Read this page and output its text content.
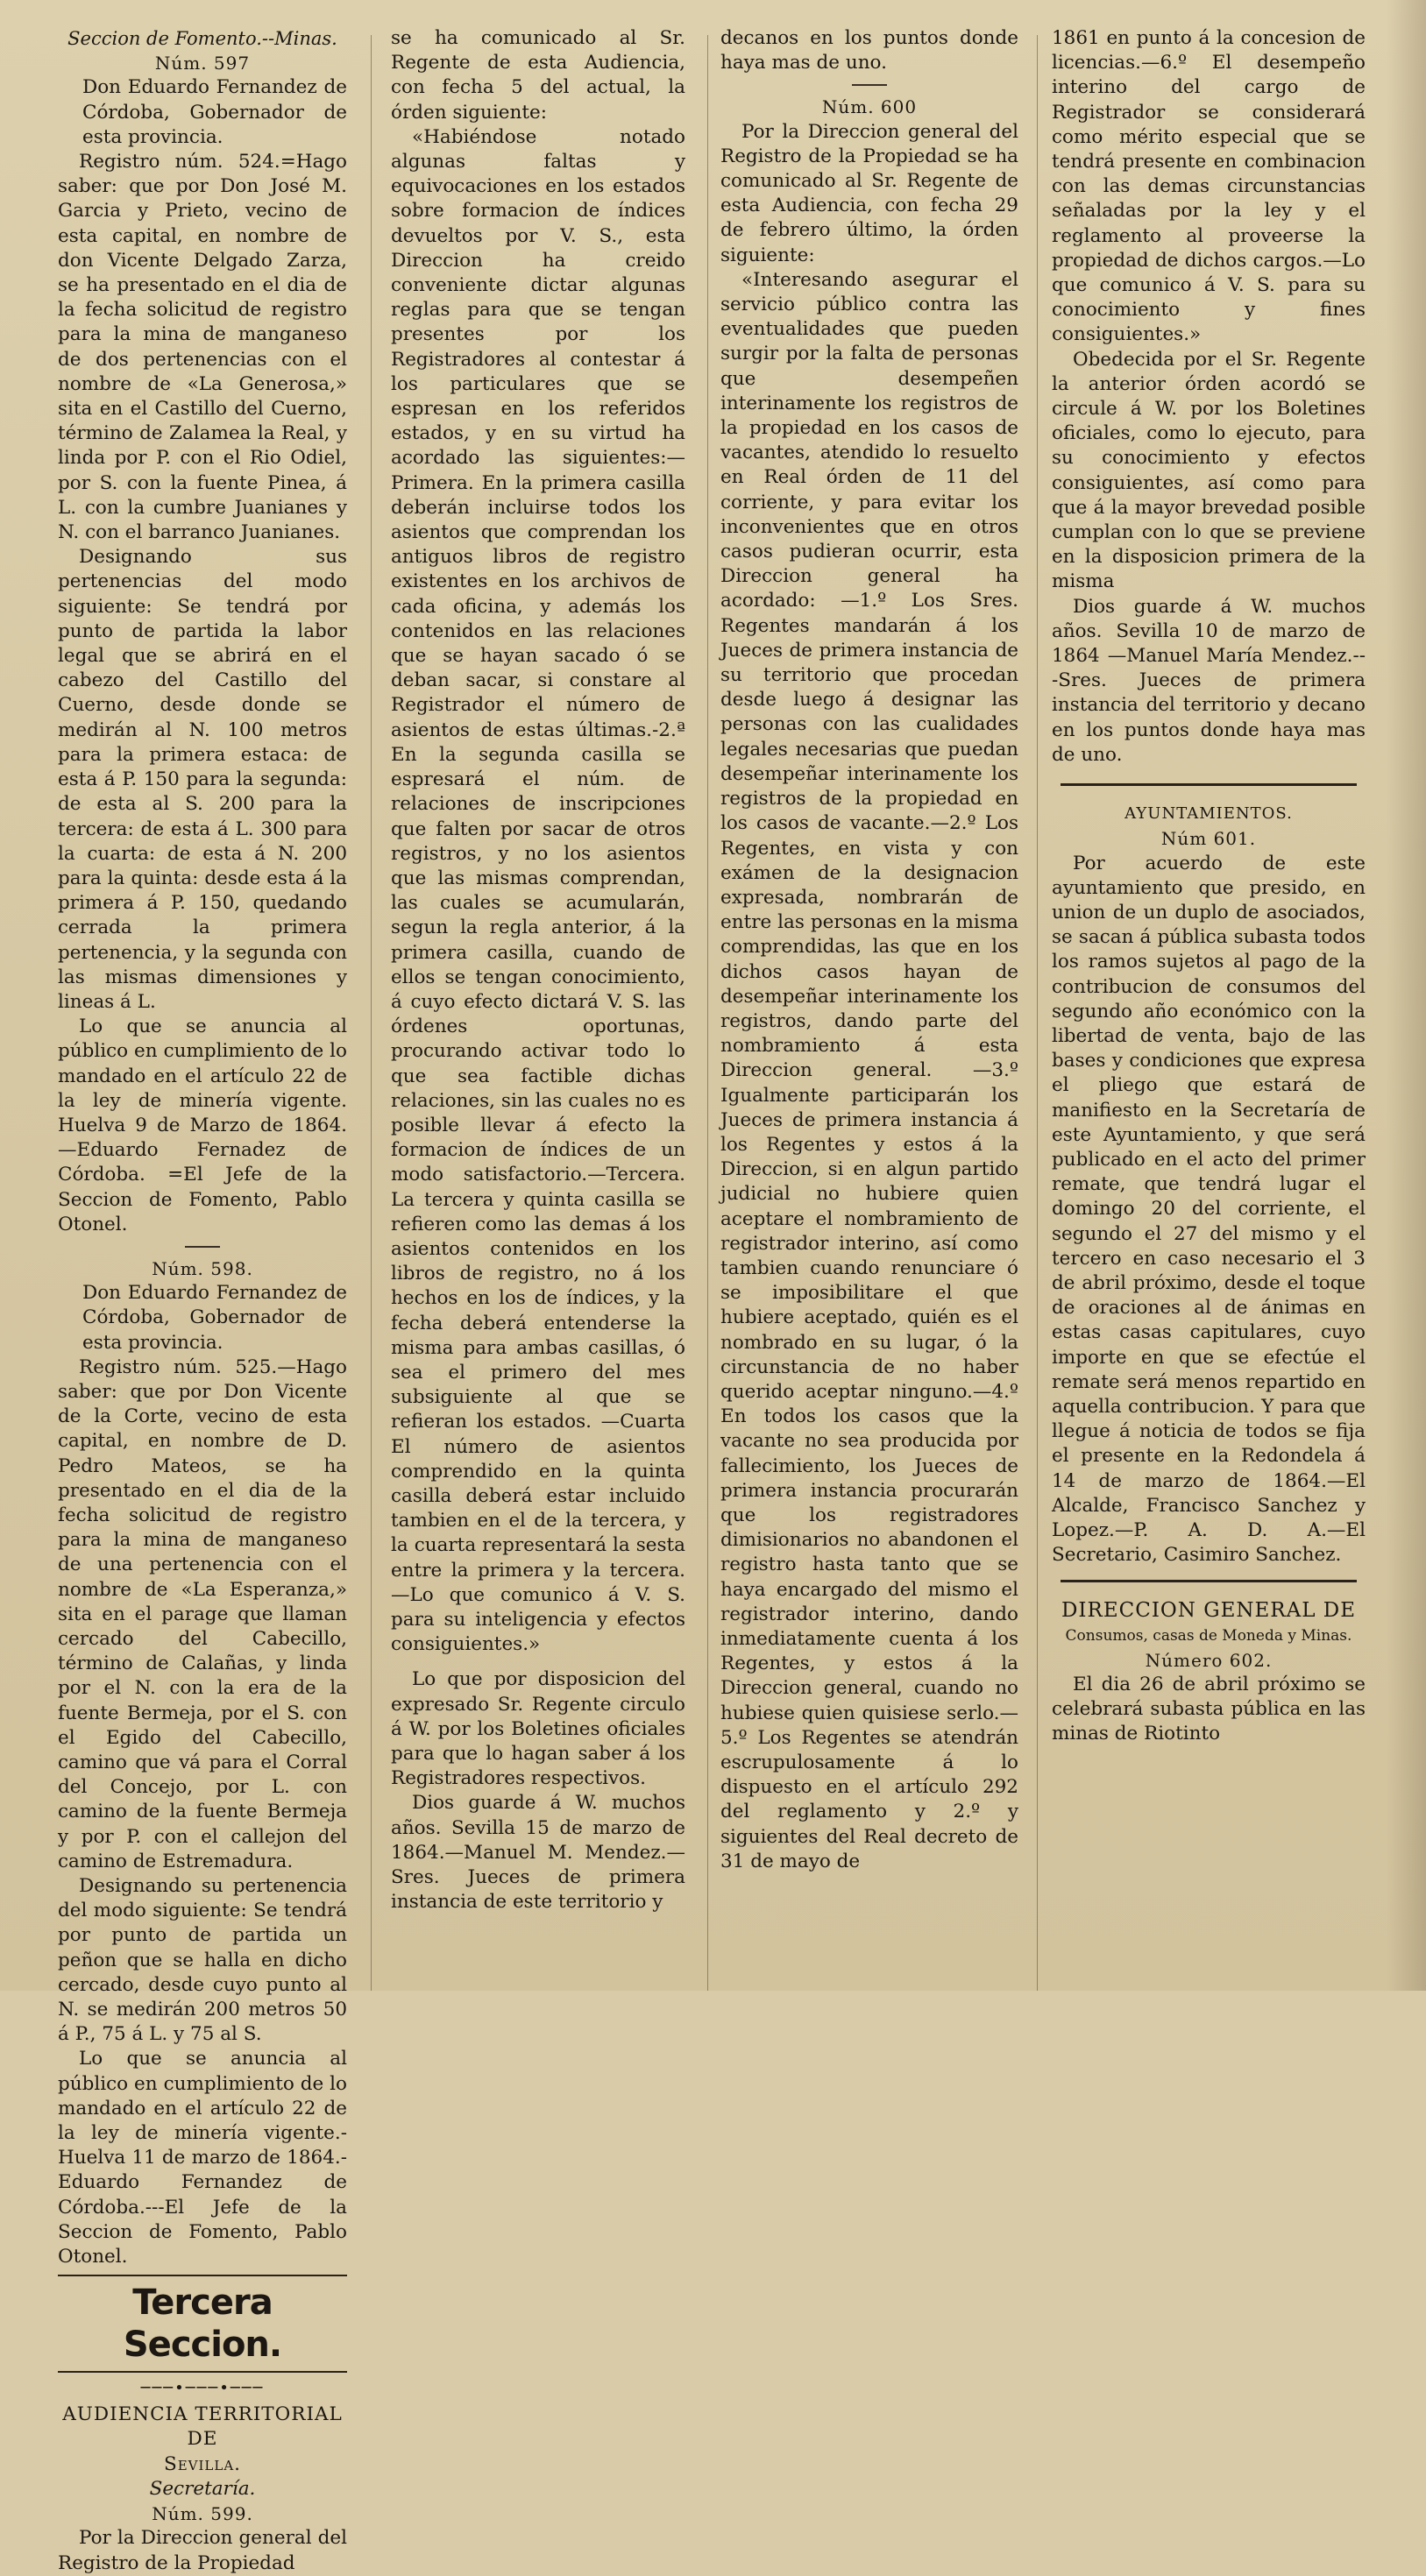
Seccion de Fomento.--Minas.
Núm. 597

Don Eduardo Fernandez de Córdoba, Gobernador de esta provincia.

Registro núm. 524.=Hago saber: que por Don José M. Garcia y Prieto, vecino de esta capital, en nombre de don Vicente Delgado Zarza, se ha presentado en el dia de la fecha solicitud de registro para la mina de manganeso de dos pertenencias con el nombre de «La Generosa,» sita en el Castillo del Cuerno, término de Zalamea la Real, y linda por P. con el Rio Odiel, por S. con la fuente Pinea, á L. con la cumbre Juanianes y N. con el barranco Juanianes.

Designando sus pertenencias del modo siguiente: Se tendrá por punto de partida la labor legal que se abrirá en el cabezo del Castillo del Cuerno, desde donde se medirán al N. 100 metros para la primera estaca: de esta á P. 150 para la segunda: de esta al S. 200 para la tercera: de esta á L. 300 para la cuarta: de esta á N. 200 para la quinta: desde esta á la primera á P. 150, quedando cerrada la primera pertenencia, y la segunda con las mismas dimensiones y lineas á L.

Lo que se anuncia al público en cumplimiento de lo mandado en el artículo 22 de la ley de minería vigente. Huelva 9 de Marzo de 1864.—Eduardo Fernadez de Córdoba. =El Jefe de la Seccion de Fomento, Pablo Otonel.

Núm. 598.

Don Eduardo Fernandez de Córdoba, Gobernador de esta provincia.

Registro núm. 525.—Hago saber: que por Don Vicente de la Corte, vecino de esta capital, en nombre de D. Pedro Mateos, se ha presentado en el dia de la fecha solicitud de registro para la mina de manganeso de una pertenencia con el nombre de «La Esperanza,» sita en el parage que llaman cercado del Cabecillo, término de Calañas, y linda por el N. con la era de la fuente Bermeja, por el S. con el Egido del Cabecillo, camino que vá para el Corral del Concejo, por L. con camino de la fuente Bermeja y por P. con el callejon del camino de Estremadura.

Designando su pertenencia del modo siguiente: Se tendrá por punto de partida un peñon que se halla en dicho cercado, desde cuyo punto al N. se medirán 200 metros 50 á P., 75 á L. y 75 al S.

Lo que se anuncia al público en cumplimiento de lo mandado en el artículo 22 de la ley de minería vigente.- Huelva 11 de marzo de 1864.-Eduardo Fernandez de Córdoba.---El Jefe de la Seccion de Fomento, Pablo Otonel.

Tercera Seccion.
───•───•───
AUDIENCIA TERRITORIAL DE
Sevilla.
Secretaría.
Núm. 599.

Por la Direccion general del Registro de la Propiedad

se ha comunicado al Sr. Regente de esta Audiencia, con fecha 5 del actual, la órden siguiente:

«Habiéndose notado algunas faltas y equivocaciones en los estados sobre formacion de índices devueltos por V. S., esta Direccion ha creido conveniente dictar algunas reglas para que se tengan presentes por los Registradores al contestar á los particulares que se espresan en los referidos estados, y en su virtud ha acordado las siguientes:—Primera. En la primera casilla deberán incluirse todos los asientos que comprendan los antiguos libros de registro existentes en los archivos de cada oficina, y además los contenidos en las relaciones que se hayan sacado ó se deban sacar, si constare al Registrador el número de asientos de estas últimas.-2.ª En la segunda casilla se espresará el núm. de relaciones de inscripciones que falten por sacar de otros registros, y no los asientos que las mismas comprendan, las cuales se acumularán, segun la regla anterior, á la primera casilla, cuando de ellos se tengan conocimiento, á cuyo efecto dictará V. S. las órdenes oportunas, procurando activar todo lo que sea factible dichas relaciones, sin las cuales no es posible llevar á efecto la formacion de índices de un modo satisfactorio.—Tercera. La tercera y quinta casilla se refieren como las demas á los asientos contenidos en los libros de registro, no á los hechos en los de índices, y la fecha deberá entenderse la misma para ambas casillas, ó sea el primero del mes subsiguiente al que se refieran los estados. —Cuarta El número de asientos comprendido en la quinta casilla deberá estar incluido tambien en el de la tercera, y la cuarta representará la sesta entre la primera y la tercera.—Lo que comunico á V. S. para su inteligencia y efectos consiguientes.»

Lo que por disposicion del expresado Sr. Regente circulo á W. por los Boletines oficiales para que lo hagan saber á los Registradores respectivos.

Dios guarde á W. muchos años. Sevilla 15 de marzo de 1864.—Manuel M. Mendez.—Sres. Jueces de primera instancia de este territorio y

decanos en los puntos donde haya mas de uno.

Núm. 600

Por la Direccion general del Registro de la Propiedad se ha comunicado al Sr. Regente de esta Audiencia, con fecha 29 de febrero último, la órden siguiente:

«Interesando asegurar el servicio público contra las eventualidades que pueden surgir por la falta de personas que desempeñen interinamente los registros de la propiedad en los casos de vacantes, atendido lo resuelto en Real órden de 11 del corriente, y para evitar los inconvenientes que en otros casos pudieran ocurrir, esta Direccion general ha acordado: —1.º Los Sres. Regentes mandarán á los Jueces de primera instancia de su territorio que procedan desde luego á designar las personas con las cualidades legales necesarias que puedan desempeñar interinamente los registros de la propiedad en los casos de vacante.—2.º Los Regentes, en vista y con exámen de la designacion expresada, nombrarán de entre las personas en la misma comprendidas, las que en los dichos casos hayan de desempeñar interinamente los registros, dando parte del nombramiento á esta Direccion general. —3.º Igualmente participarán los Jueces de primera instancia á los Regentes y estos á la Direccion, si en algun partido judicial no hubiere quien aceptare el nombramiento de registrador interino, así como tambien cuando renunciare ó se imposibilitare el que hubiere aceptado, quién es el nombrado en su lugar, ó la circunstancia de no haber querido aceptar ninguno.—4.º En todos los casos que la vacante no sea producida por fallecimiento, los Jueces de primera instancia procurarán que los registradores dimisionarios no abandonen el registro hasta tanto que se haya encargado del mismo el registrador interino, dando inmediatamente cuenta á los Regentes, y estos á la Direccion general, cuando no hubiese quien quisiese serlo.—5.º Los Regentes se atendrán escrupulosamente á lo dispuesto en el artículo 292 del reglamento y 2.º y siguientes del Real decreto de 31 de mayo de

1861 en punto á la concesion de licencias.—6.º El desempeño interino del cargo de Registrador se considerará como mérito especial que se tendrá presente en combinacion con las demas circunstancias señaladas por la ley y el reglamento al proveerse la propiedad de dichos cargos.—Lo que comunico á V. S. para su conocimiento y fines consiguientes.»

Obedecida por el Sr. Regente la anterior órden acordó se circule á W. por los Boletines oficiales, como lo ejecuto, para su conocimiento y efectos consiguientes, así como para que á la mayor brevedad posible cumplan con lo que se previene en la disposicion primera de la misma

Dios guarde á W. muchos años. Sevilla 10 de marzo de 1864 —Manuel María Mendez.---Sres. Jueces de primera instancia del territorio y decano en los puntos donde haya mas de uno.

AYUNTAMIENTOS.
Núm 601.

Por acuerdo de este ayuntamiento que presido, en union de un duplo de asociados, se sacan á pública subasta todos los ramos sujetos al pago de la contribucion de consumos del segundo año económico con la libertad de venta, bajo de las bases y condiciones que expresa el pliego que estará de manifiesto en la Secretaría de este Ayuntamiento, y que será publicado en el acto del primer remate, que tendrá lugar el domingo 20 del corriente, el segundo el 27 del mismo y el tercero en caso necesario el 3 de abril próximo, desde el toque de oraciones al de ánimas en estas casas capitulares, cuyo importe en que se efectúe el remate será menos repartido en aquella contribucion. Y para que llegue á noticia de todos se fija el presente en la Redondela á 14 de marzo de 1864.—El Alcalde, Francisco Sanchez y Lopez.—P. A. D. A.—El Secretario, Casimiro Sanchez.

DIRECCION GENERAL DE
Consumos, casas de Moneda y Minas.
Número 602.

El dia 26 de abril próximo se celebrará subasta pública en las minas de Riotinto
